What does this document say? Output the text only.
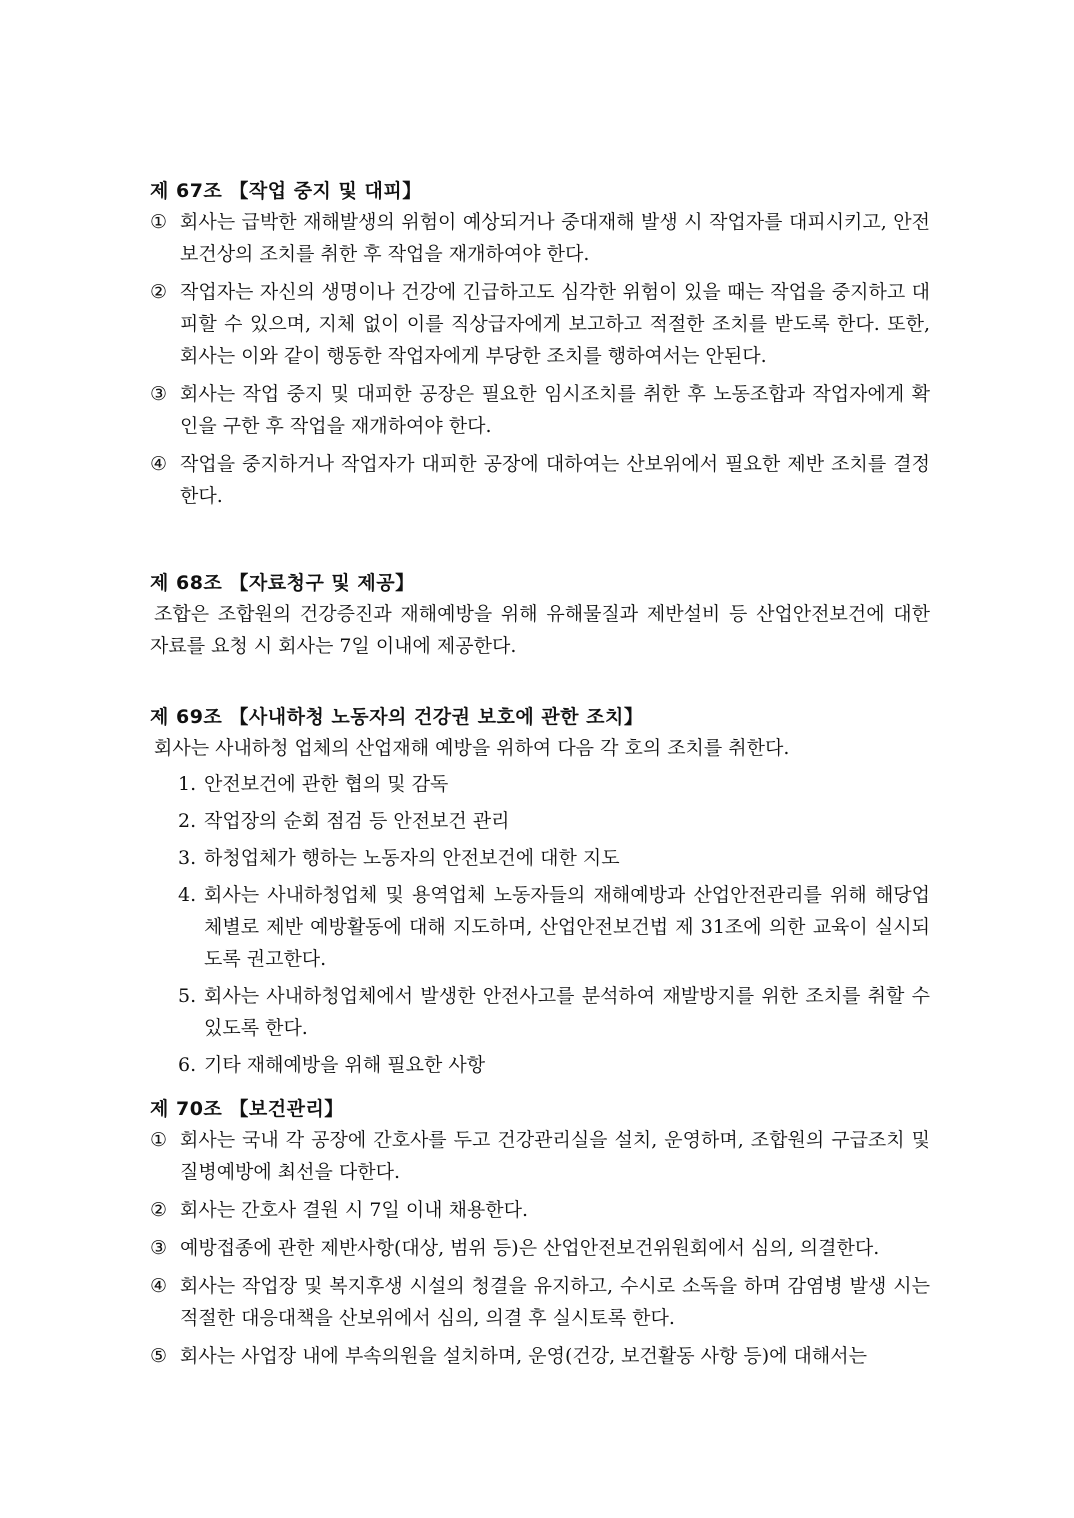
제 67조 【작업 중지 및 대피】
① 회사는 급박한 재해발생의 위험이 예상되거나 중대재해 발생 시 작업자를 대피시키고, 안전보건상의 조치를 취한 후 작업을 재개하여야 한다.
② 작업자는 자신의 생명이나 건강에 긴급하고도 심각한 위험이 있을 때는 작업을 중지하고 대피할 수 있으며, 지체 없이 이를 직상급자에게 보고하고 적절한 조치를 받도록 한다. 또한, 회사는 이와 같이 행동한 작업자에게 부당한 조치를 행하여서는 안된다.
③ 회사는 작업 중지 및 대피한 공장은 필요한 임시조치를 취한 후 노동조합과 작업자에게 확인을 구한 후 작업을 재개하여야 한다.
④ 작업을 중지하거나 작업자가 대피한 공장에 대하여는 산보위에서 필요한 제반 조치를 결정한다.
제 68조 【자료청구 및 제공】
조합은 조합원의 건강증진과 재해예방을 위해 유해물질과 제반설비 등 산업안전보건에 대한 자료를 요청 시 회사는 7일 이내에 제공한다.
제 69조 【사내하청 노동자의 건강권 보호에 관한 조치】
회사는 사내하청 업체의 산업재해 예방을 위하여 다음 각 호의 조치를 취한다.
1. 안전보건에 관한 협의 및 감독
2. 작업장의 순회 점검 등 안전보건 관리
3. 하청업체가 행하는 노동자의 안전보건에 대한 지도
4. 회사는 사내하청업체 및 용역업체 노동자들의 재해예방과 산업안전관리를 위해 해당업체별로 제반 예방활동에 대해 지도하며, 산업안전보건법 제 31조에 의한 교육이 실시되도록 권고한다.
5. 회사는 사내하청업체에서 발생한 안전사고를 분석하여 재발방지를 위한 조치를 취할 수 있도록 한다.
6. 기타 재해예방을 위해 필요한 사항
제 70조 【보건관리】
① 회사는 국내 각 공장에 간호사를 두고 건강관리실을 설치, 운영하며, 조합원의 구급조치 및 질병예방에 최선을 다한다.
② 회사는 간호사 결원 시 7일 이내 채용한다.
③ 예방접종에 관한 제반사항(대상, 범위 등)은 산업안전보건위원회에서 심의, 의결한다.
④ 회사는 작업장 및 복지후생 시설의 청결을 유지하고, 수시로 소독을 하며 감염병 발생 시는 적절한 대응대책을 산보위에서 심의, 의결 후 실시토록 한다.
⑤ 회사는 사업장 내에 부속의원을 설치하며, 운영(건강, 보건활동 사항 등)에 대해서는
